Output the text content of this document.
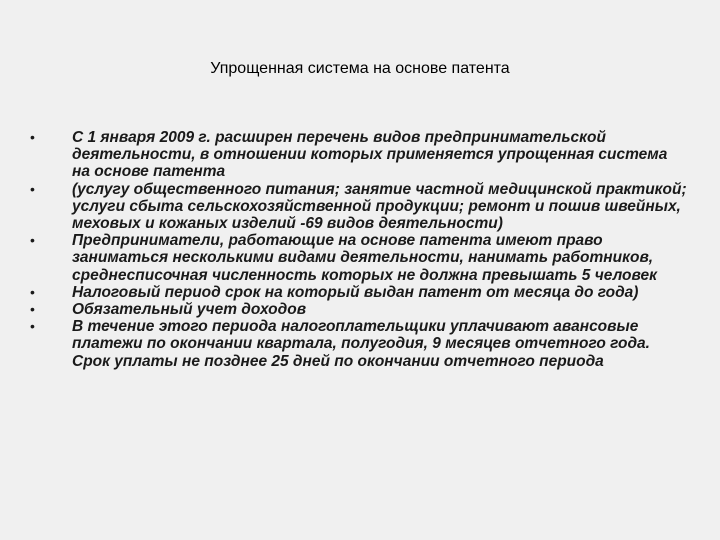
Упрощенная система на основе патента
• С 1 января 2009 г. расширен перечень видов предпринимательской деятельности, в отношении которых применяется упрощенная система на основе патента
• (услугу общественного питания; занятие частной медицинской практикой; услуги сбыта сельскохозяйственной продукции; ремонт и пошив швейных, меховых и кожаных изделий -69 видов деятельности)
• Предприниматели, работающие на основе патента имеют право заниматься несколькими видами деятельности, нанимать работников, среднесписочная численность которых не должна превышать 5 человек
• Налоговый период срок на который выдан патент от месяца до года)
• Обязательный учет доходов
• В течение этого периода налогоплательщики уплачивают авансовые платежи по окончании квартала, полугодия, 9 месяцев отчетного года. Срок уплаты не позднее 25 дней по окончании отчетного периода
